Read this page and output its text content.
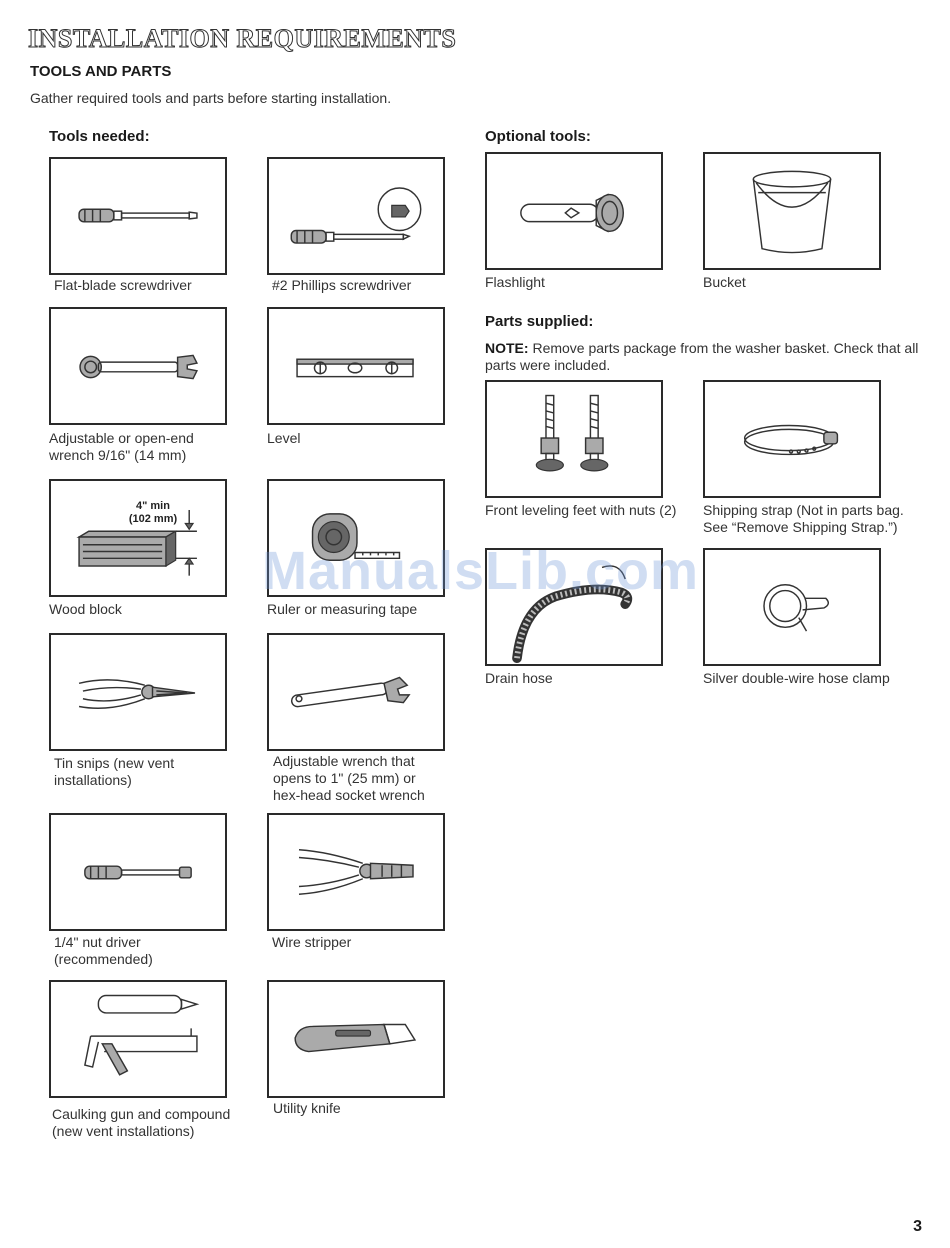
INSTALLATION REQUIREMENTS
TOOLS AND PARTS
Gather required tools and parts before starting installation.
Tools needed:
Flat-blade screwdriver	#2 Phillips screwdriver
Adjustable or open-end
wrench 9/16" (14 mm)
Level
4" min
(102 mm)
Wood block	Ruler or measuring tape
Tin snips (new vent
installations)
Adjustable wrench that
opens to 1" (25 mm) or
hex-head socket wrench
1/4" nut driver
(recommended)
Wire stripper
Caulking gun and compound
(new vent installations)
Utility knife
Optional tools:
Flashlight	Bucket
Parts supplied:
NOTE: Remove parts package from the washer basket. Check that all parts were included.
Front leveling feet with nuts (2) Shipping strap (Not in parts bag.
See “Remove Shipping Strap.”)
Drain hose	Silver double-wire hose clamp
ManualsLib.com
3
